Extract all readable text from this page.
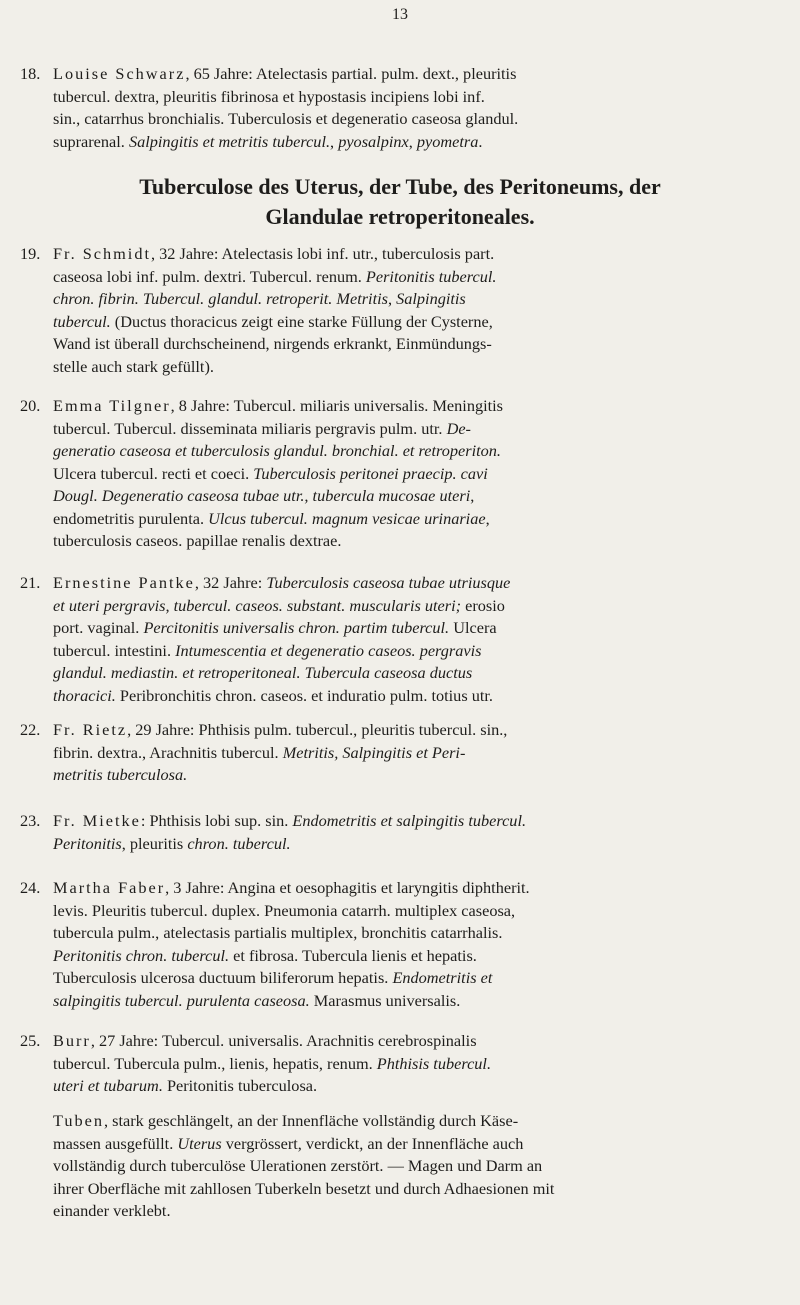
13
18. Louise Schwarz, 65 Jahre: Atelectasis partial. pulm. dext., pleuritis
tubercul. dextra, pleuritis fibrinosa et hypostasis incipiens lobi inf.
sin., catarrhus bronchialis. Tuberculosis et degeneratio caseosa glandul.
suprarenal. Salpingitis et metritis tubercul., pyosalpinx, pyometra.
Tuberculose des Uterus, der Tube, des Peritoneums, der
Glandulae retroperitoneales.
19. Fr. Schmidt, 32 Jahre: Atelectasis lobi inf. utr., tuberculosis part.
caseosa lobi inf. pulm. dextri. Tubercul. renum. Peritonitis tubercul.
chron. fibrin. Tubercul. glandul. retroperit. Metritis, Salpingitis
tubercul. (Ductus thoracicus zeigt eine starke Füllung der Cysterne,
Wand ist überall durchscheinend, nirgends erkrankt, Einmündungs-
stelle auch stark gefüllt).
20. Emma Tilgner, 8 Jahre: Tubercul. miliaris universalis. Meningitis
tubercul. Tubercul. disseminata miliaris pergravis pulm. utr. De-
generatio caseosa et tuberculosis glandul. bronchial. et retroperiton.
Ulcera tubercul. recti et coeci. Tuberculosis peritonei praecip. cavi
Dougl. Degeneratio caseosa tubae utr., tubercula mucosae uteri,
endometritis purulenta. Ulcus tubercul. magnum vesicae urinariae,
tuberculosis caseos. papillae renalis dextrae.
21. Ernestine Pantke, 32 Jahre: Tuberculosis caseosa tubae utriusque
et uteri pergravis, tubercul. caseos. substant. muscularis uteri; erosio
port. vaginal. Percitonitis universalis chron. partim tubercul. Ulcera
tubercul. intestini. Intumescentia et degeneratio caseos. pergravis
glandul. mediastin. et retroperitoneal. Tubercula caseosa ductus
thoracici. Peribronchitis chron. caseos. et induratio pulm. totius utr.
22. Fr. Rietz, 29 Jahre: Phthisis pulm. tubercul., pleuritis tubercul. sin.,
fibrin. dextra., Arachnitis tubercul. Metritis, Salpingitis et Peri-
metritis tuberculosa.
23. Fr. Mietke: Phthisis lobi sup. sin. Endometritis et salpingitis tubercul.
Peritonitis, pleuritis chron. tubercul.
24. Martha Faber, 3 Jahre: Angina et oesophagitis et laryngitis diphtherit.
levis. Pleuritis tubercul. duplex. Pneumonia catarrh. multiplex caseosa,
tubercula pulm., atelectasis partialis multiplex, bronchitis catarrhalis.
Peritonitis chron. tubercul. et fibrosa. Tubercula lienis et hepatis.
Tuberculosis ulcerosa ductuum biliferorum hepatis. Endometritis et
salpingitis tubercul. purulenta caseosa. Marasmus universalis.
25. Burr, 27 Jahre: Tubercul. universalis. Arachnitis cerebrospinalis
tubercul. Tubercula pulm., lienis, hepatis, renum. Phthisis tubercul.
uteri et tubarum. Peritonitis tuberculosa.
Tuben, stark geschlängelt, an der Innenfläche vollständig durch Käse-
massen ausgefüllt. Uterus vergrössert, verdickt, an der Innenfläche auch
vollständig durch tuberculöse Ulerationen zerstört. — Magen und Darm an
ihrer Oberfläche mit zahllosen Tuberkeln besetzt und durch Adhaesionen mit
einander verklebt.
